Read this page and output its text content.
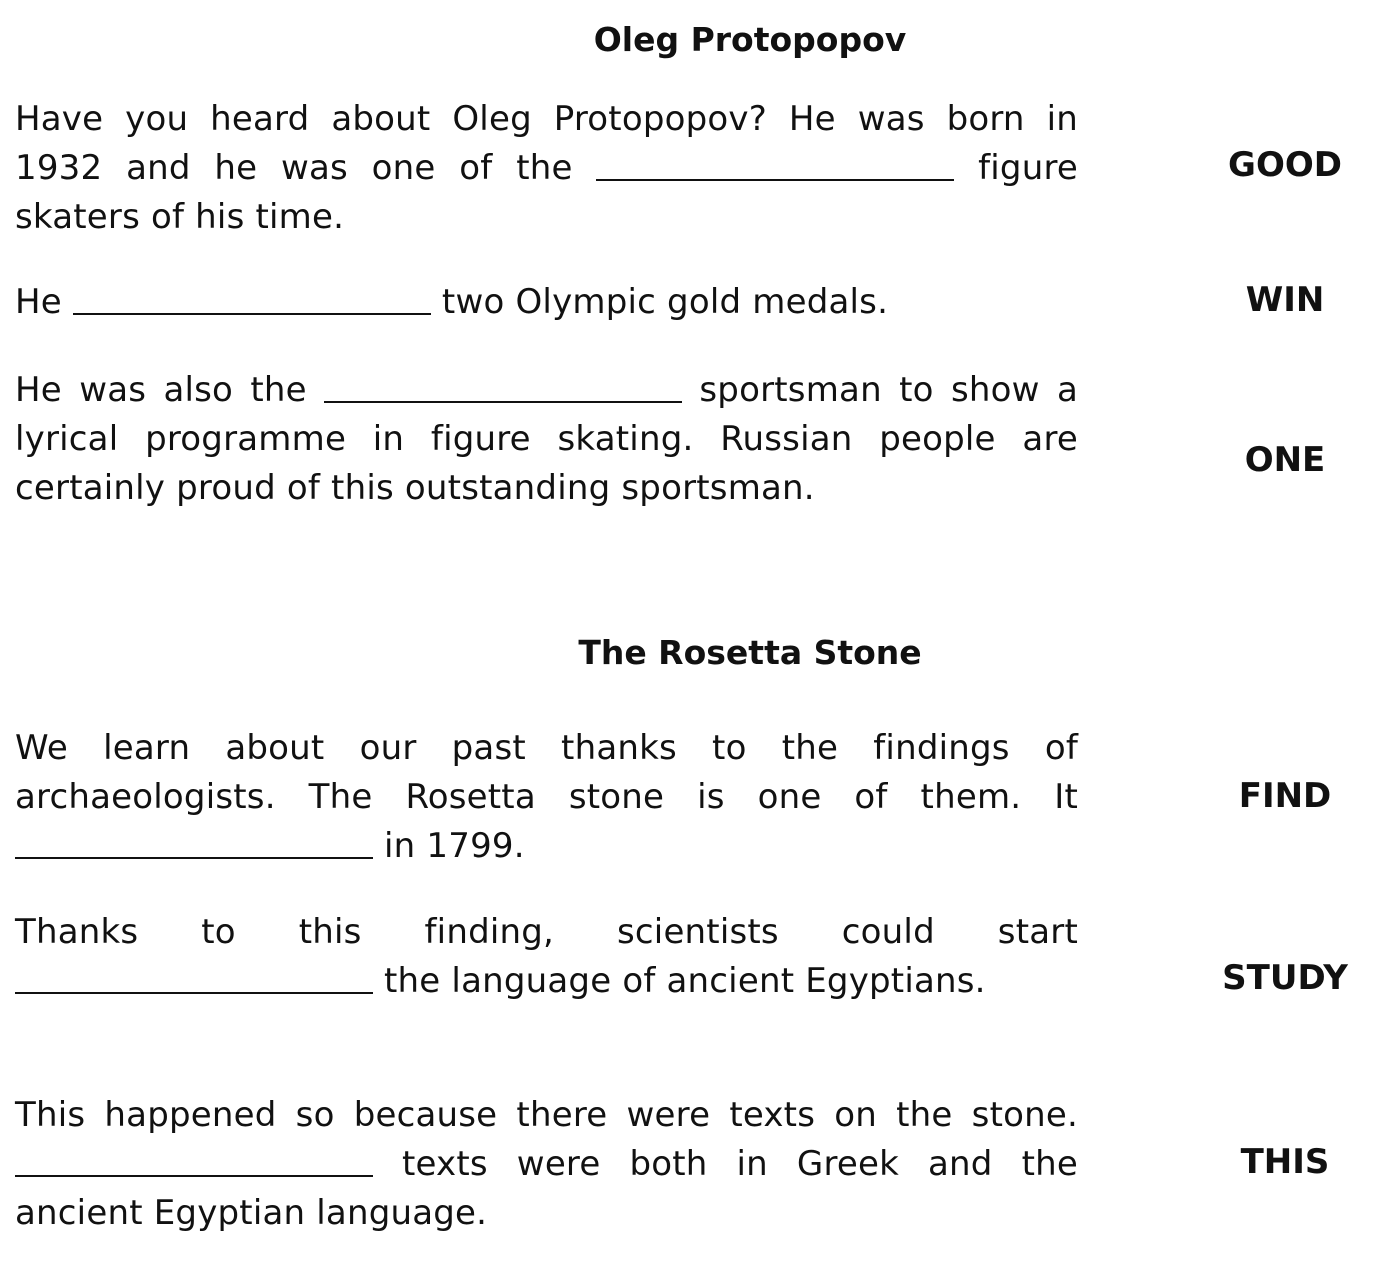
Oleg Protopopov

Have you heard about Oleg Protopopov? He was born in 1932 and he was one of the	figure skaters of his time.

GOOD

He	two Olympic gold medals.	WIN

He was also the	sportsman to show a lyrical programme in figure skating. Russian people are certainly proud of this outstanding sportsman.

ONE

The Rosetta Stone

We learn about our past thanks to the findings of archaeologists. The Rosetta stone is one of them. It  in 1799.

FIND

Thanks to this finding, scientists could start  the language of ancient Egyptians.	STUDY

This happened so because there were texts on the stone.  texts were both in Greek and the ancient Egyptian language.

THIS
